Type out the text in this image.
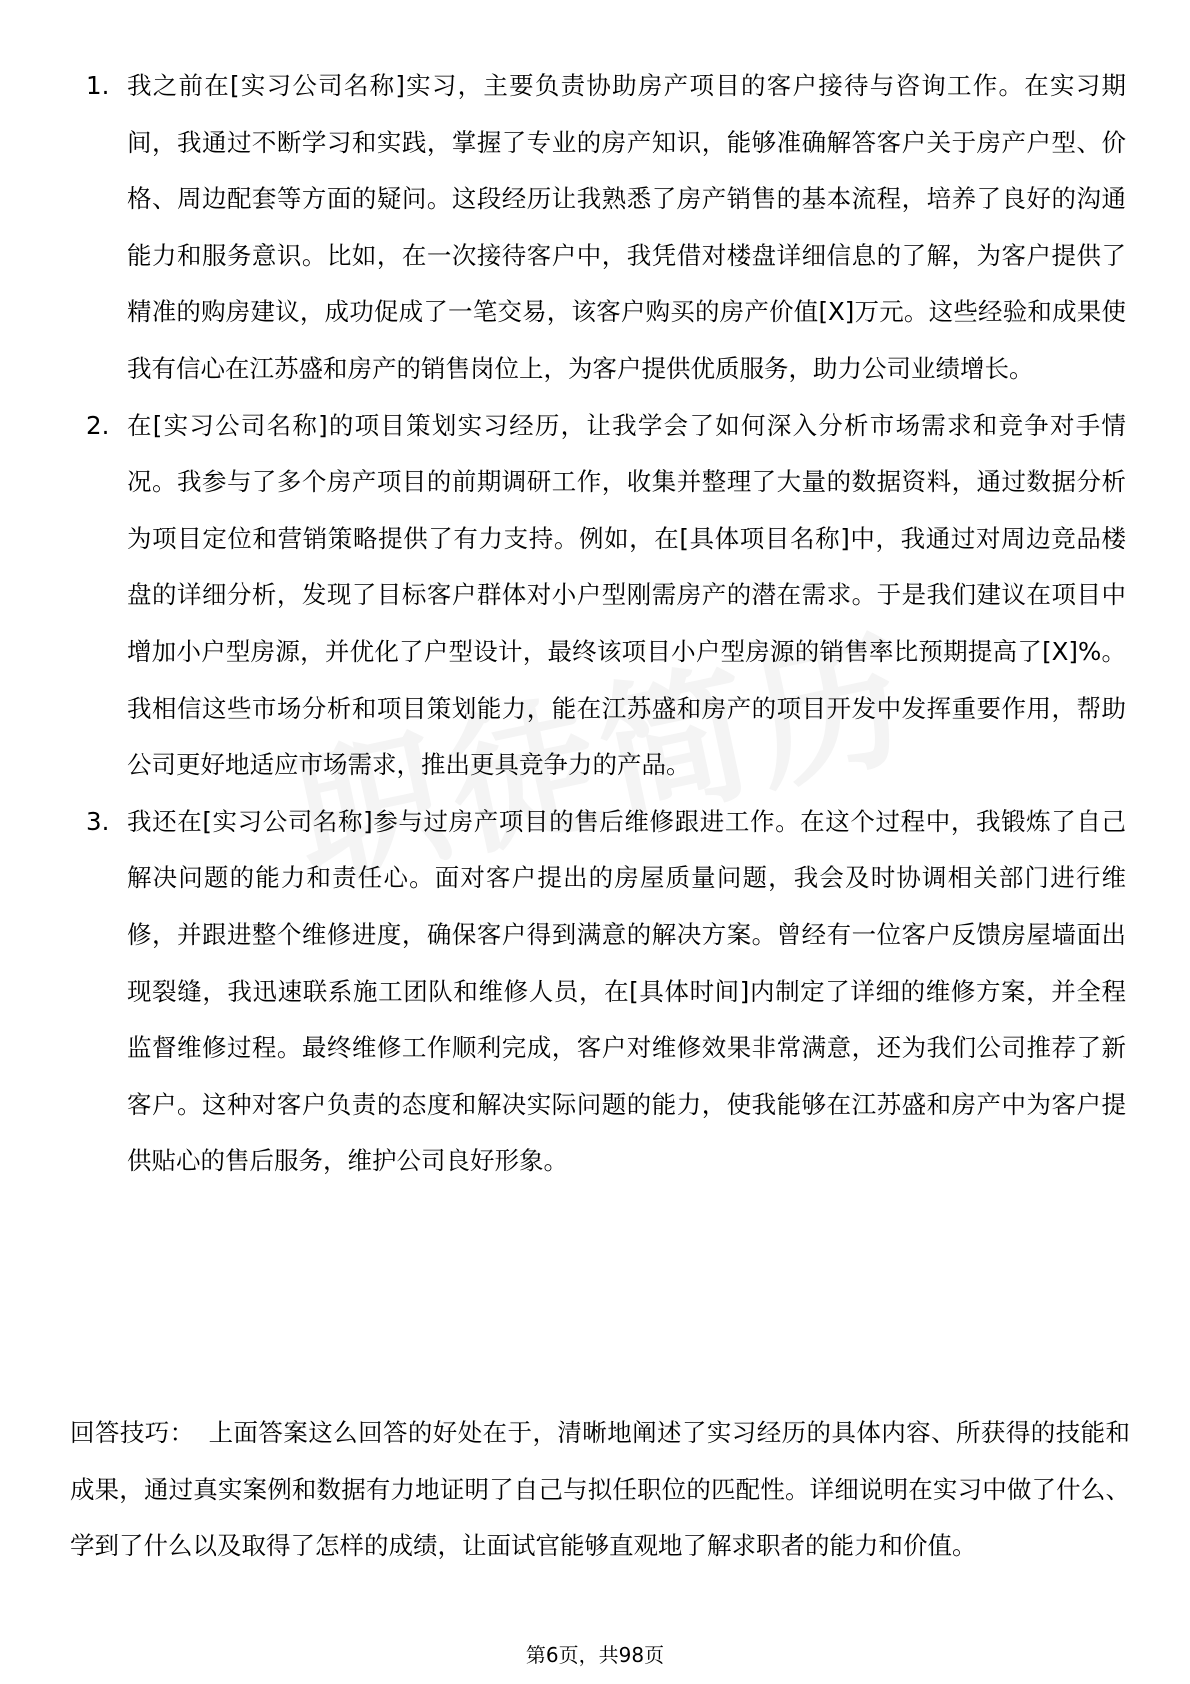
1. 我之前在[实习公司名称]实习，主要负责协助房产项目的客户接待与咨询工作。在实习期间，我通过不断学习和实践，掌握了专业的房产知识，能够准确解答客户关于房产户型、价格、周边配套等方面的疑问。这段经历让我熟悉了房产销售的基本流程，培养了良好的沟通能力和服务意识。比如，在一次接待客户中，我凭借对楼盘详细信息的了解，为客户提供了精准的购房建议，成功促成了一笔交易，该客户购买的房产价值[X]万元。这些经验和成果使我有信心在江苏盛和房产的销售岗位上，为客户提供优质服务，助力公司业绩增长。
2. 在[实习公司名称]的项目策划实习经历，让我学会了如何深入分析市场需求和竞争对手情况。我参与了多个房产项目的前期调研工作，收集并整理了大量的数据资料，通过数据分析为项目定位和营销策略提供了有力支持。例如，在[具体项目名称]中，我通过对周边竞品楼盘的详细分析，发现了目标客户群体对小户型刚需房产的潜在需求。于是我们建议在项目中增加小户型房源，并优化了户型设计，最终该项目小户型房源的销售率比预期提高了[X]%。我相信这些市场分析和项目策划能力，能在江苏盛和房产的项目开发中发挥重要作用，帮助公司更好地适应市场需求，推出更具竞争力的产品。
3. 我还在[实习公司名称]参与过房产项目的售后维修跟进工作。在这个过程中，我锻炼了自己解决问题的能力和责任心。面对客户提出的房屋质量问题，我会及时协调相关部门进行维修，并跟进整个维修进度，确保客户得到满意的解决方案。曾经有一位客户反馈房屋墙面出现裂缝，我迅速联系施工团队和维修人员，在[具体时间]内制定了详细的维修方案，并全程监督维修过程。最终维修工作顺利完成，客户对维修效果非常满意，还为我们公司推荐了新客户。这种对客户负责的态度和解决实际问题的能力，使我能够在江苏盛和房产中为客户提供贴心的售后服务，维护公司良好形象。

回答技巧： 上面答案这么回答的好处在于，清晰地阐述了实习经历的具体内容、所获得的技能和成果，通过真实案例和数据有力地证明了自己与拟任职位的匹配性。详细说明在实习中做了什么、学到了什么以及取得了怎样的成绩，让面试官能够直观地了解求职者的能力和价值。

第6页，共98页
